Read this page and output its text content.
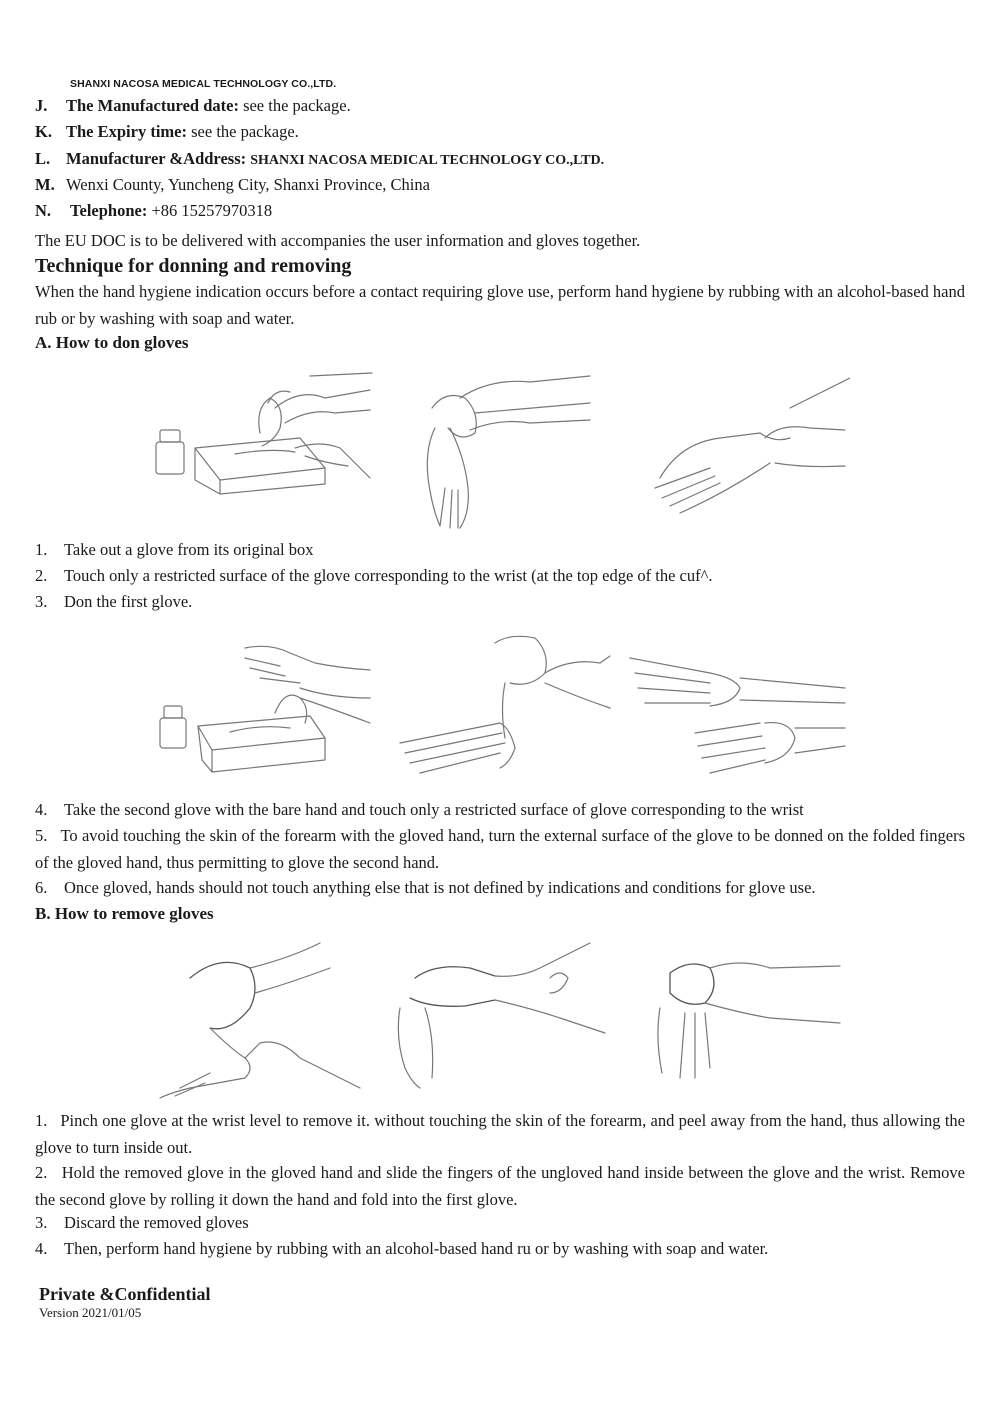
SHANXI NACOSA MEDICAL TECHNOLOGY CO.,LTD.
J. The Manufactured date: see the package.
K. The Expiry time: see the package.
L. Manufacturer &Address: SHANXI NACOSA MEDICAL TECHNOLOGY CO.,LTD.
M. Wenxi County, Yuncheng City, Shanxi Province, China
N. Telephone: +86 15257970318
The EU DOC is to be delivered with accompanies the user information and gloves together.
Technique for donning and removing
When the hand hygiene indication occurs before a contact requiring glove use, perform hand hygiene by rubbing with an alcohol-based hand rub or by washing with soap and water.
A. How to don gloves
1. Take out a glove from its original box
2. Touch only a restricted surface of the glove corresponding to the wrist (at the top edge of the cuf^.
3. Don the first glove.
4. Take the second glove with the bare hand and touch only a restricted surface of glove corresponding to the wrist
5. To avoid touching the skin of the forearm with the gloved hand, turn the external surface of the glove to be donned on the folded fingers of the gloved hand, thus permitting to glove the second hand.
6. Once gloved, hands should not touch anything else that is not defined by indications and conditions for glove use.
B. How to remove gloves
1. Pinch one glove at the wrist level to remove it. without touching the skin of the forearm, and peel away from the hand, thus allowing the glove to turn inside out.
2. Hold the removed glove in the gloved hand and slide the fingers of the ungloved hand inside between the glove and the wrist. Remove the second glove by rolling it down the hand and fold into the first glove.
3. Discard the removed gloves
4. Then, perform hand hygiene by rubbing with an alcohol-based hand ru or by washing with soap and water.
Private &Confidential
Version 2021/01/05
